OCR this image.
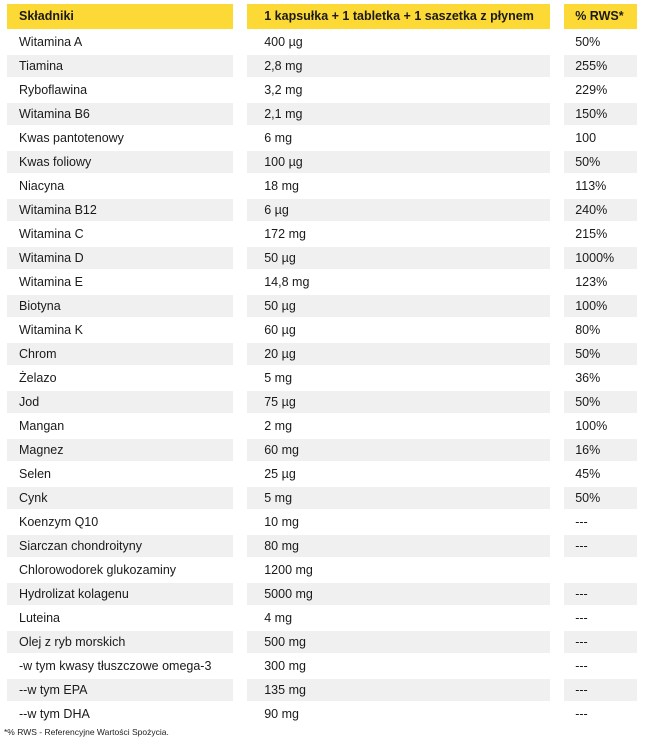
Składniki	1 kapsułka + 1 tabletka + 1 saszetka z płynem	% RWS*
Witamina A	400 µg	50%
Tiamina	2,8 mg	255%
Ryboflawina	3,2 mg	229%
Witamina B6	2,1 mg	150%
Kwas pantotenowy	6 mg	100
Kwas foliowy	100 µg	50%
Niacyna	18 mg	113%
Witamina B12	6 µg	240%
Witamina C	172 mg	215%
Witamina D	50 µg	1000%
Witamina E	14,8 mg	123%
Biotyna	50 µg	100%
Witamina K	60 µg	80%
Chrom	20 µg	50%
Żelazo	5 mg	36%
Jod	75 µg	50%
Mangan	2 mg	100%
Magnez	60 mg	16%
Selen	25 µg	45%
Cynk	5 mg	50%
Koenzym Q10	10 mg	---
Siarczan chondroityny	80 mg	---
Chlorowodorek glukozaminy	1200 mg
Hydrolizat kolagenu	5000 mg	---
Luteina	4 mg	---
Olej z ryb morskich	500 mg	---
-w tym kwasy tłuszczowe omega-3	300 mg	---
--w tym EPA	135 mg	---
--w tym DHA	90 mg	---
*% RWS - Referencyjne Wartości Spożycia.
